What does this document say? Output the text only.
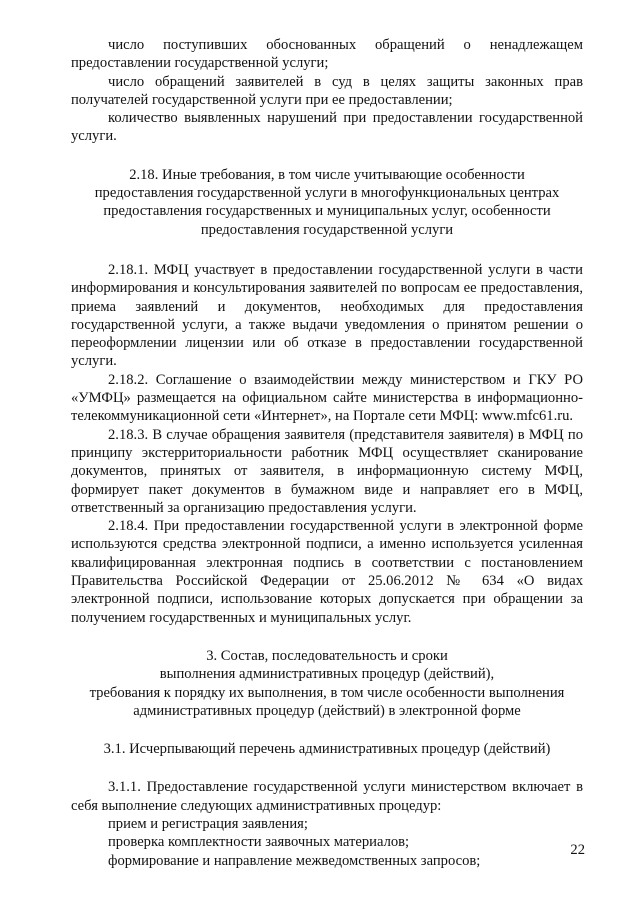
число поступивших обоснованных обращений о ненадлежащем предоставлении государственной услуги;

число обращений заявителей в суд в целях защиты законных прав получателей государственной услуги при ее предоставлении;

количество выявленных нарушений при предоставлении государственной услуги.

2.18. Иные требования, в том числе учитывающие особенности

предоставления государственной услуги в многофункциональных центрах

предоставления государственных и муниципальных услуг, особенности

предоставления государственной услуги

2.18.1. МФЦ участвует в предоставлении государственной услуги в части информирования и консультирования заявителей по вопросам ее предоставления, приема заявлений и документов, необходимых для предоставления государственной услуги, а также выдачи уведомления о принятом решении о переоформлении лицензии или об отказе в предоставлении государственной услуги.

2.18.2. Соглашение о взаимодействии между министерством и ГКУ РО «УМФЦ» размещается на официальном сайте министерства в информационно-телекоммуникационной сети «Интернет», на Портале сети МФЦ: www.mfc61.ru.

2.18.3. В случае обращения заявителя (представителя заявителя) в МФЦ по принципу экстерриториальности работник МФЦ осуществляет сканирование документов, принятых от заявителя, в информационную систему МФЦ, формирует пакет документов в бумажном виде и направляет его в МФЦ, ответственный за организацию предоставления услуги.

2.18.4. При предоставлении государственной услуги в электронной форме используются средства электронной подписи, а именно используется усиленная квалифицированная электронная подпись в соответствии с постановлением Правительства Российской Федерации от 25.06.2012 № 634 «О видах электронной подписи, использование которых допускается при обращении за получением государственных и муниципальных услуг.

3. Состав, последовательность и сроки

выполнения административных процедур (действий),

требования к порядку их выполнения, в том числе особенности выполнения

административных процедур (действий) в электронной форме

3.1. Исчерпывающий перечень административных процедур (действий)

3.1.1. Предоставление государственной услуги министерством включает в себя выполнение следующих административных процедур:

прием и регистрация заявления;

проверка комплектности заявочных материалов;

формирование и направление межведомственных запросов;

22
